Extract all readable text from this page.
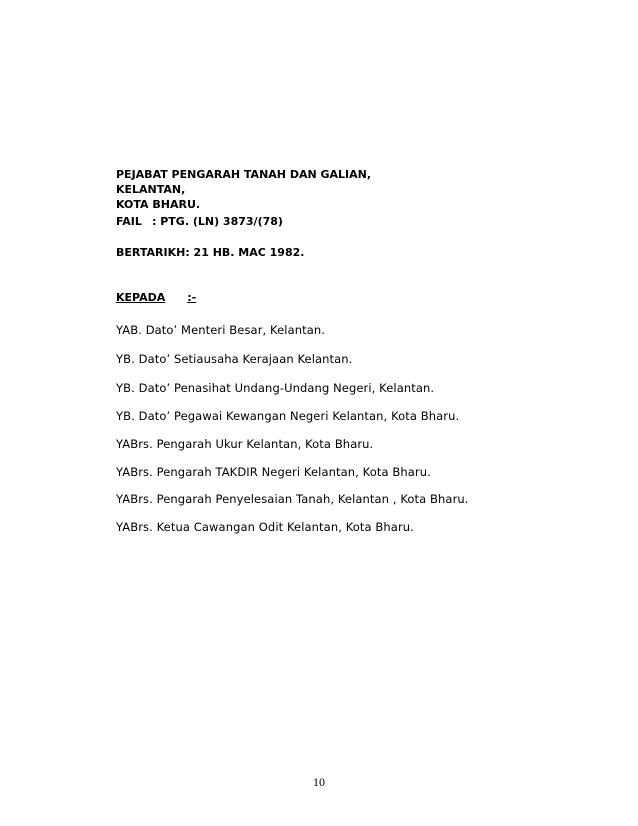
PEJABAT PENGARAH TANAH DAN GALIAN,
KELANTAN,
KOTA BHARU.
FAIL : PTG. (LN) 3873/(78)
BERTARIKH: 21 HB. MAC 1982.
KEPADA :-
YAB. Dato’ Menteri Besar, Kelantan.
YB. Dato’ Setiausaha Kerajaan Kelantan.
YB. Dato’ Penasihat Undang-Undang Negeri, Kelantan.
YB. Dato’ Pegawai Kewangan Negeri Kelantan, Kota Bharu.
YABrs. Pengarah Ukur Kelantan, Kota Bharu.
YABrs. Pengarah TAKDIR Negeri Kelantan, Kota Bharu.
YABrs. Pengarah Penyelesaian Tanah, Kelantan , Kota Bharu.
YABrs. Ketua Cawangan Odit Kelantan, Kota Bharu.
10
